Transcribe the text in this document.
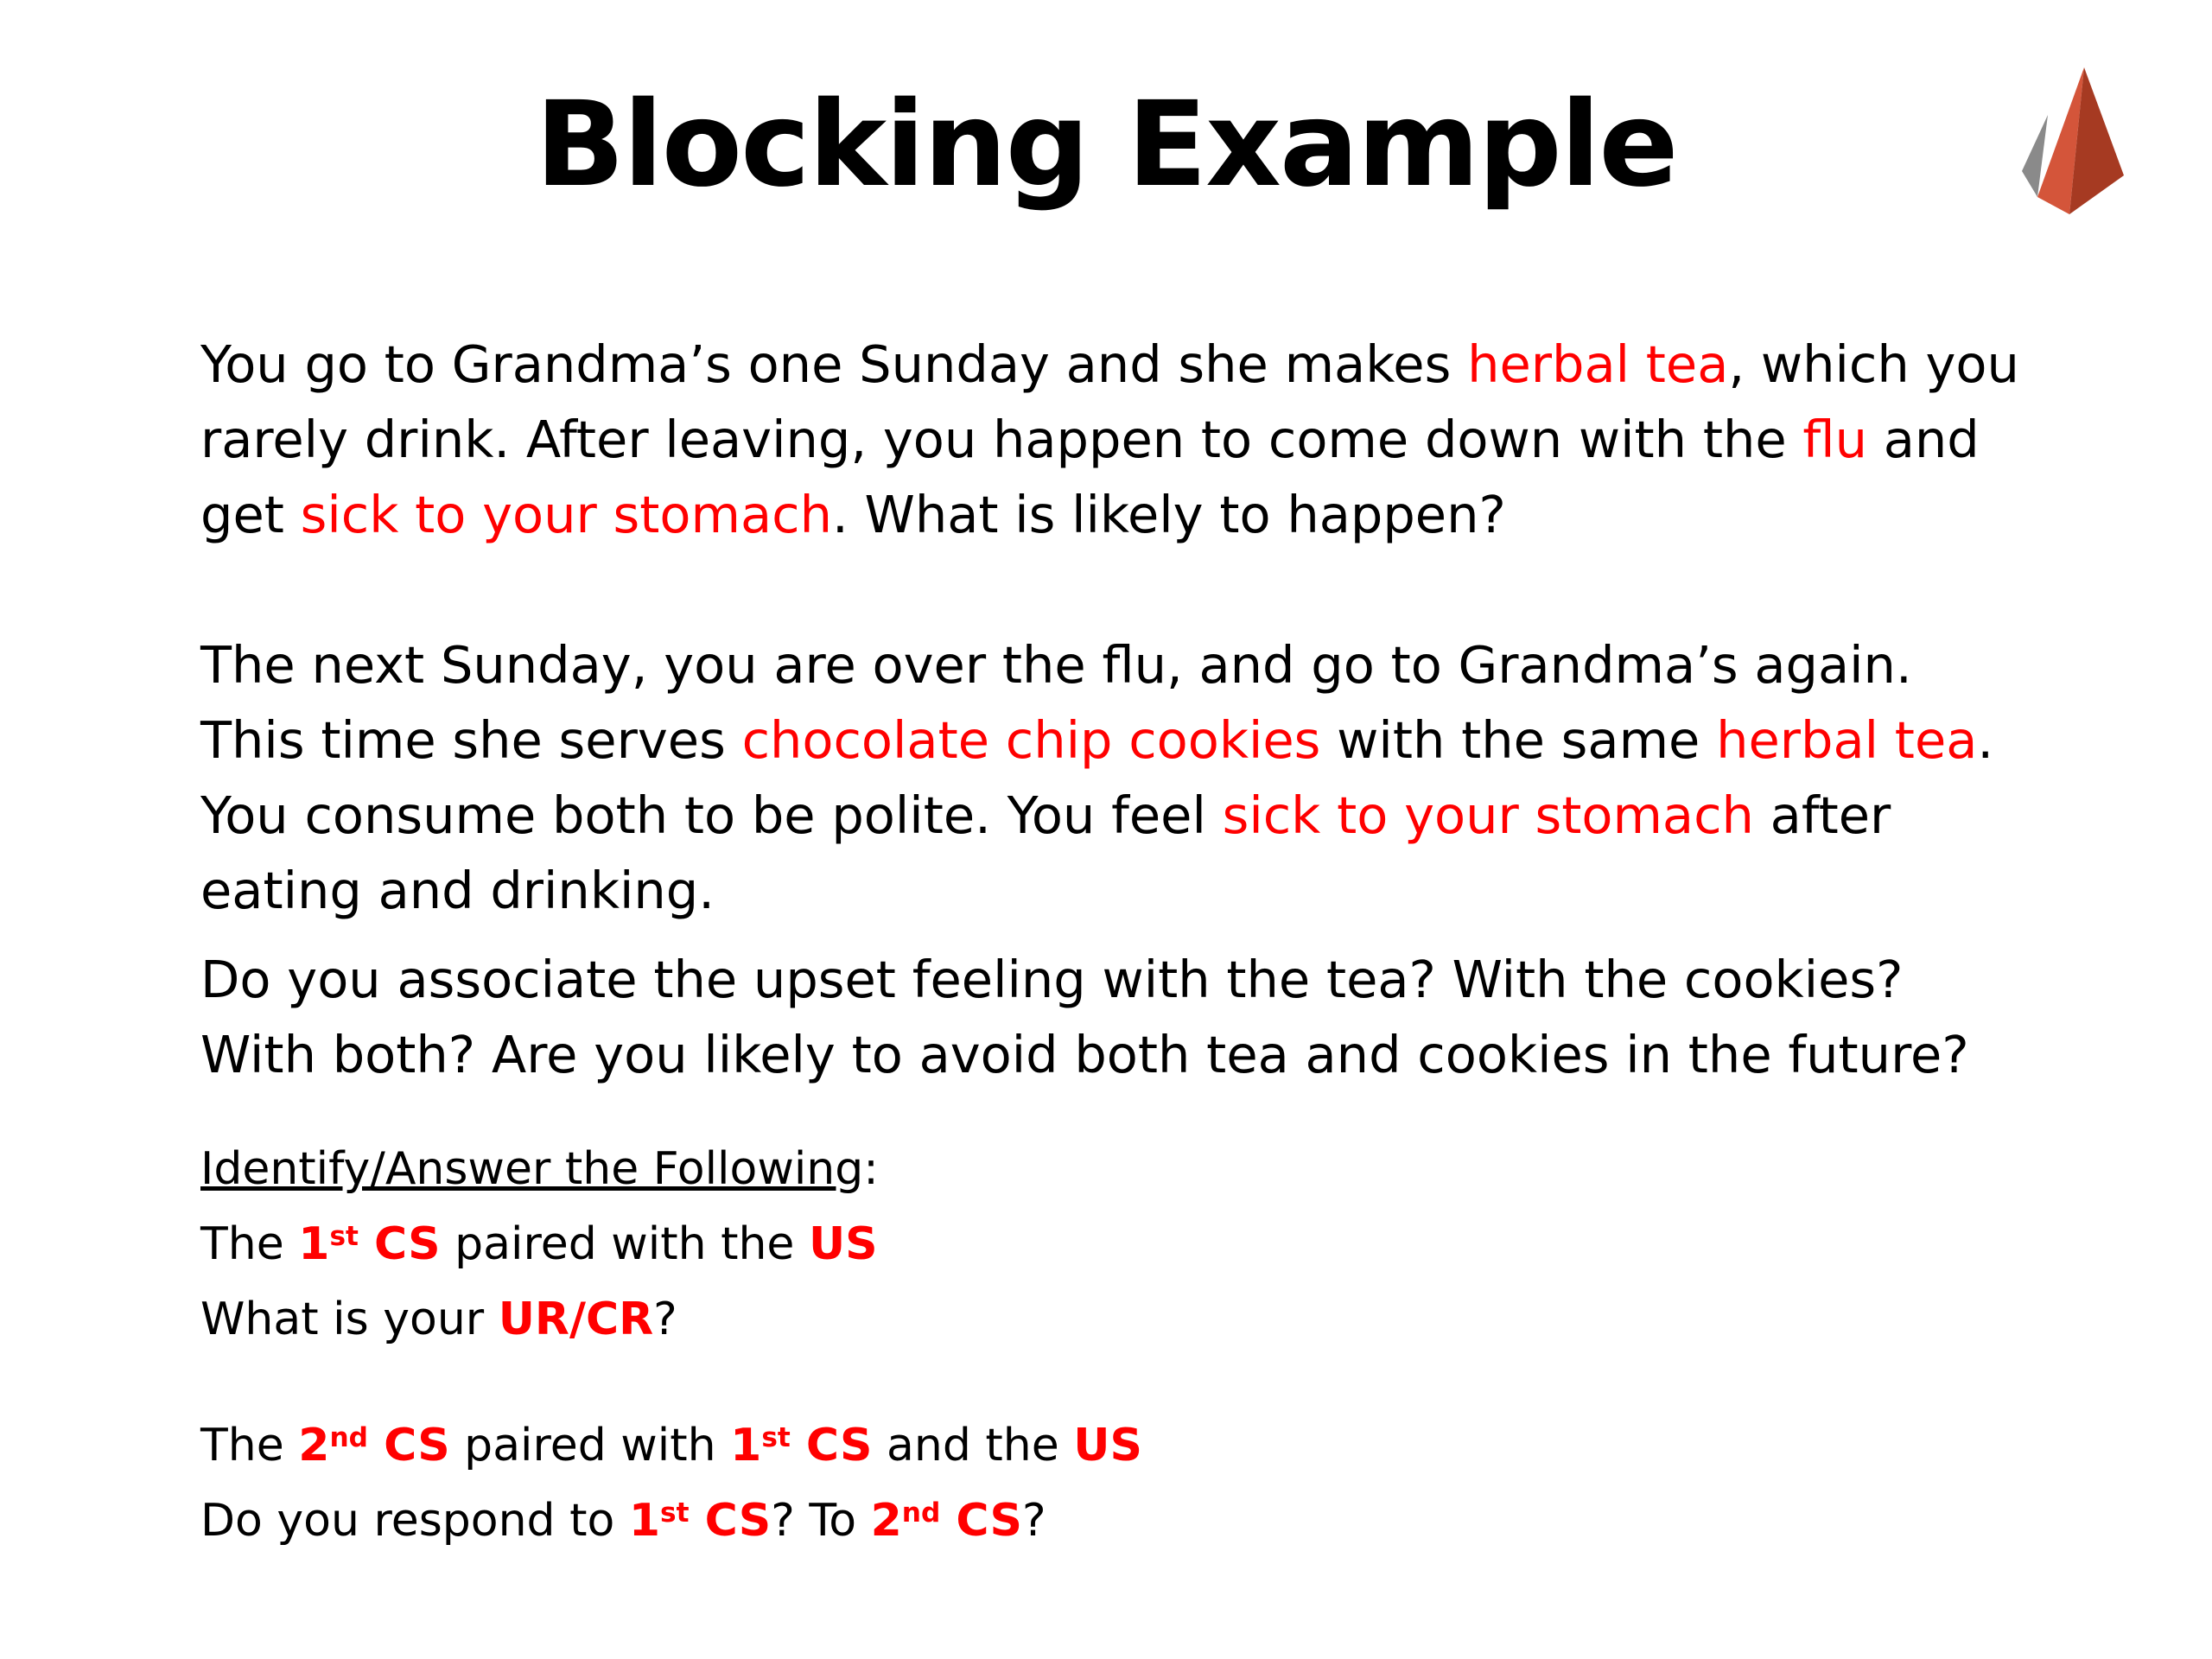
Blocking Example

You go to Grandma’s one Sunday and she makes herbal tea, which you rarely drink. After leaving, you happen to come down with the flu and get sick to your stomach. What is likely to happen?

The next Sunday, you are over the flu, and go to Grandma’s again. This time she serves chocolate chip cookies with the same herbal tea. You consume both to be polite. You feel sick to your stomach after eating and drinking.

Do you associate the upset feeling with the tea? With the cookies? With both? Are you likely to avoid both tea and cookies in the future?

Identify/Answer the Following:

The 1st CS paired with the US

What is your UR/CR?

The 2nd CS paired with 1st CS and the US

Do you respond to 1st CS? To 2nd CS?
